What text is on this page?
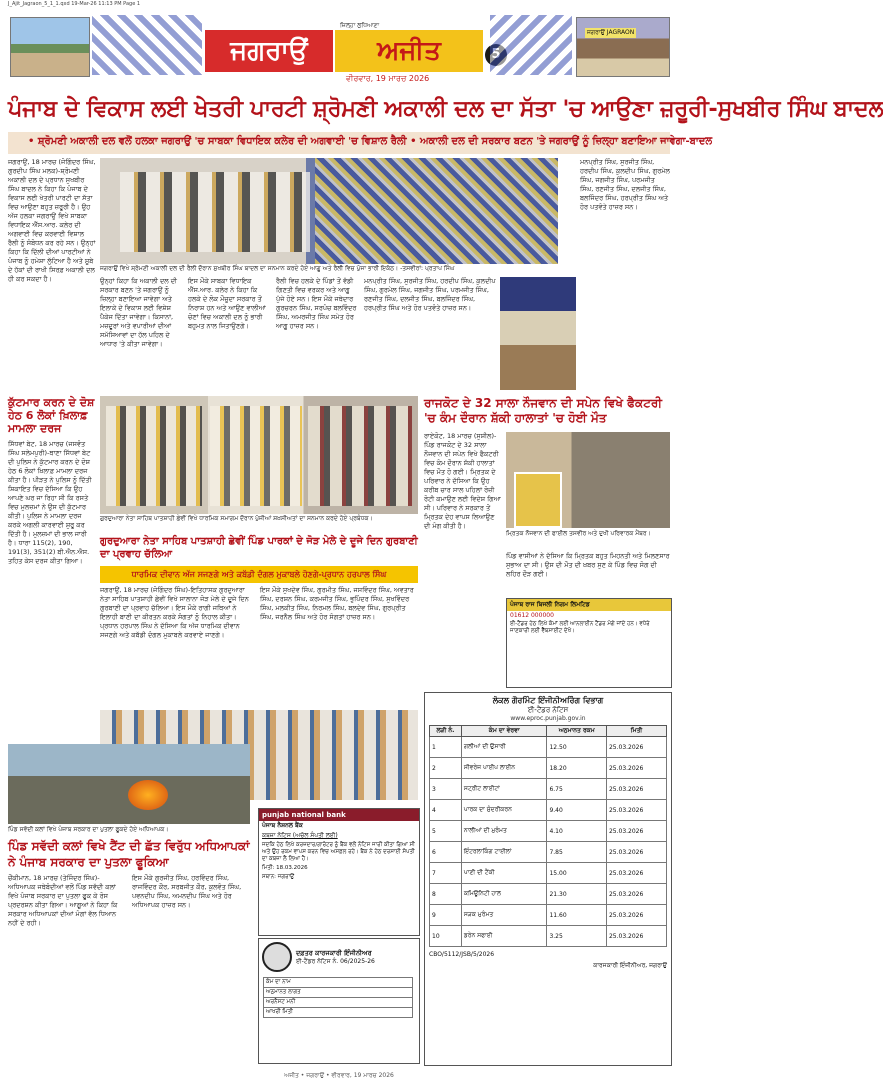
J_Ajit_Jagraon_5_1_1.qxd 19-Mar-26 11:13 PM Page 1
ਜਗਰਾਉਂ	ਅਜੀਤ
ਜ਼ਿਲ੍ਹਾ ਲੁਧਿਆਣਾ
ਵੀਰਵਾਰ, 19 ਮਾਰਚ 2026
ਜਗਰਾਉਂ JAGRAON
ਪੰਜਾਬ ਦੇ ਵਿਕਾਸ ਲਈ ਖੇਤਰੀ ਪਾਰਟੀ ਸ਼੍ਰੋਮਣੀ ਅਕਾਲੀ ਦਲ ਦਾ ਸੱਤਾ 'ਚ ਆਉਣਾ ਜ਼ਰੂਰੀ-ਸੁਖਬੀਰ ਸਿੰਘ ਬਾਦਲ
• ਸ਼੍ਰੋਮਣੀ ਅਕਾਲੀ ਦਲ ਵਲੋਂ ਹਲਕਾ ਜਗਰਾਉਂ 'ਚ ਸਾਬਕਾ ਵਿਧਾਇਕ ਕਲੇਰ ਦੀ ਅਗਵਾਈ 'ਚ ਵਿਸ਼ਾਲ ਰੈਲੀ • ਅਕਾਲੀ ਦਲ ਦੀ ਸਰਕਾਰ ਬਣਨ 'ਤੇ ਜਗਰਾਉਂ ਨੂੰ ਜ਼ਿਲ੍ਹਾ ਬਣਾਇਆ ਜਾਵੇਗਾ-ਬਾਦਲ

ਜਗਰਾਉਂ, 18 ਮਾਰਚ (ਜੋਗਿੰਦਰ ਸਿੰਘ, ਗੁਰਦੀਪ ਸਿੰਘ ਮਲਕ)-ਸ਼੍ਰੋਮਣੀ ਅਕਾਲੀ ਦਲ ਦੇ ਪ੍ਰਧਾਨ ਸੁਖਬੀਰ ਸਿੰਘ ਬਾਦਲ ਨੇ ਕਿਹਾ ਕਿ ਪੰਜਾਬ ਦੇ ਵਿਕਾਸ ਲਈ ਖੇਤਰੀ ਪਾਰਟੀ ਦਾ ਸੱਤਾ ਵਿਚ ਆਉਣਾ ਬਹੁਤ ਜ਼ਰੂਰੀ ਹੈ। ਉਹ ਅੱਜ ਹਲਕਾ ਜਗਰਾਉਂ ਵਿਖੇ ਸਾਬਕਾ ਵਿਧਾਇਕ ਐੱਸ.ਆਰ. ਕਲੇਰ ਦੀ ਅਗਵਾਈ ਵਿਚ ਕਰਵਾਈ ਵਿਸ਼ਾਲ ਰੈਲੀ ਨੂੰ ਸੰਬੋਧਨ ਕਰ ਰਹੇ ਸਨ। ਉਨ੍ਹਾਂ ਕਿਹਾ ਕਿ ਦਿੱਲੀ ਦੀਆਂ ਪਾਰਟੀਆਂ ਨੇ ਪੰਜਾਬ ਨੂੰ ਹਮੇਸ਼ਾ ਲੁੱਟਿਆ ਹੈ ਅਤੇ ਸੂਬੇ ਦੇ ਹੱਕਾਂ ਦੀ ਰਾਖੀ ਸਿਰਫ਼ ਅਕਾਲੀ ਦਲ ਹੀ ਕਰ ਸਕਦਾ ਹੈ।

ਜਗਰਾਉਂ ਵਿਖੇ ਸ਼੍ਰੋਮਣੀ ਅਕਾਲੀ ਦਲ ਦੀ ਰੈਲੀ ਦੌਰਾਨ ਸੁਖਬੀਰ ਸਿੰਘ ਬਾਦਲ ਦਾ ਸਨਮਾਨ ਕਰਦੇ ਹੋਏ ਆਗੂ ਅਤੇ ਰੈਲੀ ਵਿਚ ਪੁੱਜਾ ਭਾਰੀ ਇਕੱਠ। -ਤਸਵੀਰਾਂ: ਪ੍ਰਤਾਪ ਸਿੰਘ

ਉਨ੍ਹਾਂ ਕਿਹਾ ਕਿ ਅਕਾਲੀ ਦਲ ਦੀ ਸਰਕਾਰ ਬਣਨ 'ਤੇ ਜਗਰਾਉਂ ਨੂੰ ਜ਼ਿਲ੍ਹਾ ਬਣਾਇਆ ਜਾਵੇਗਾ ਅਤੇ ਇਲਾਕੇ ਦੇ ਵਿਕਾਸ ਲਈ ਵਿਸ਼ੇਸ਼ ਪੈਕੇਜ ਦਿੱਤਾ ਜਾਵੇਗਾ। ਕਿਸਾਨਾਂ, ਮਜ਼ਦੂਰਾਂ ਅਤੇ ਵਪਾਰੀਆਂ ਦੀਆਂ ਸਮੱਸਿਆਵਾਂ ਦਾ ਹੱਲ ਪਹਿਲ ਦੇ ਆਧਾਰ 'ਤੇ ਕੀਤਾ ਜਾਵੇਗਾ।

ਇਸ ਮੌਕੇ ਸਾਬਕਾ ਵਿਧਾਇਕ ਐੱਸ.ਆਰ. ਕਲੇਰ ਨੇ ਕਿਹਾ ਕਿ ਹਲਕੇ ਦੇ ਲੋਕ ਮੌਜੂਦਾ ਸਰਕਾਰ ਤੋਂ ਨਿਰਾਸ਼ ਹਨ ਅਤੇ ਆਉਣ ਵਾਲੀਆਂ ਚੋਣਾਂ ਵਿਚ ਅਕਾਲੀ ਦਲ ਨੂੰ ਭਾਰੀ ਬਹੁਮਤ ਨਾਲ ਜਿਤਾਉਣਗੇ।

ਰੈਲੀ ਵਿਚ ਹਲਕੇ ਦੇ ਪਿੰਡਾਂ ਤੋਂ ਵੱਡੀ ਗਿਣਤੀ ਵਿਚ ਵਰਕਰ ਅਤੇ ਆਗੂ ਪੁੱਜੇ ਹੋਏ ਸਨ। ਇਸ ਮੌਕੇ ਜਥੇਦਾਰ ਗੁਰਚਰਨ ਸਿੰਘ, ਸਰਪੰਚ ਬਲਵਿੰਦਰ ਸਿੰਘ, ਅਮਰਜੀਤ ਸਿੰਘ ਸਮੇਤ ਹੋਰ ਆਗੂ ਹਾਜ਼ਰ ਸਨ।

ਮਨਪ੍ਰੀਤ ਸਿੰਘ, ਸੁਰਜੀਤ ਸਿੰਘ, ਹਰਦੀਪ ਸਿੰਘ, ਕੁਲਦੀਪ ਸਿੰਘ, ਗੁਰਮੇਲ ਸਿੰਘ, ਜਗਜੀਤ ਸਿੰਘ, ਪਰਮਜੀਤ ਸਿੰਘ, ਰਣਜੀਤ ਸਿੰਘ, ਦਲਜੀਤ ਸਿੰਘ, ਬਲਜਿੰਦਰ ਸਿੰਘ, ਹਰਪ੍ਰੀਤ ਸਿੰਘ ਅਤੇ ਹੋਰ ਪਤਵੰਤੇ ਹਾਜ਼ਰ ਸਨ।

ਮਨਪ੍ਰੀਤ ਸਿੰਘ, ਸੁਰਜੀਤ ਸਿੰਘ, ਹਰਦੀਪ ਸਿੰਘ, ਕੁਲਦੀਪ ਸਿੰਘ, ਗੁਰਮੇਲ ਸਿੰਘ, ਜਗਜੀਤ ਸਿੰਘ, ਪਰਮਜੀਤ ਸਿੰਘ, ਰਣਜੀਤ ਸਿੰਘ, ਦਲਜੀਤ ਸਿੰਘ, ਬਲਜਿੰਦਰ ਸਿੰਘ, ਹਰਪ੍ਰੀਤ ਸਿੰਘ ਅਤੇ ਹੋਰ ਪਤਵੰਤੇ ਹਾਜ਼ਰ ਸਨ।

ਕੁੱਟਮਾਰ ਕਰਨ ਦੇ ਦੋਸ਼ ਹੇਠ 6 ਲੋਕਾਂ ਖ਼ਿਲਾਫ਼ ਮਾਮਲਾ ਦਰਜ

ਸਿੱਧਵਾਂ ਬੇਟ, 18 ਮਾਰਚ (ਜਸਵੰਤ ਸਿੰਘ ਸਲੇਮਪੁਰੀ)-ਥਾਣਾ ਸਿੱਧਵਾਂ ਬੇਟ ਦੀ ਪੁਲਿਸ ਨੇ ਕੁੱਟਮਾਰ ਕਰਨ ਦੇ ਦੋਸ਼ ਹੇਠ 6 ਲੋਕਾਂ ਖ਼ਿਲਾਫ਼ ਮਾਮਲਾ ਦਰਜ ਕੀਤਾ ਹੈ। ਪੀੜਤ ਨੇ ਪੁਲਿਸ ਨੂੰ ਦਿੱਤੀ ਸ਼ਿਕਾਇਤ ਵਿਚ ਦੱਸਿਆ ਕਿ ਉਹ ਆਪਣੇ ਘਰ ਜਾ ਰਿਹਾ ਸੀ ਕਿ ਰਸਤੇ ਵਿਚ ਮੁਲਜ਼ਮਾਂ ਨੇ ਉਸ ਦੀ ਕੁੱਟਮਾਰ ਕੀਤੀ। ਪੁਲਿਸ ਨੇ ਮਾਮਲਾ ਦਰਜ ਕਰਕੇ ਅਗਲੀ ਕਾਰਵਾਈ ਸ਼ੁਰੂ ਕਰ ਦਿੱਤੀ ਹੈ। ਮੁਲਜ਼ਮਾਂ ਦੀ ਭਾਲ ਜਾਰੀ ਹੈ। ਧਾਰਾ 115(2), 190, 191(3), 351(2) ਬੀ.ਐਨ.ਐਸ. ਤਹਿਤ ਕੇਸ ਦਰਜ ਕੀਤਾ ਗਿਆ।

ਗੁਰਦੁਆਰਾ ਨੇਤਾ ਸਾਹਿਬ ਪਾਤਸ਼ਾਹੀ ਛੇਵੀਂ ਵਿਖੇ ਧਾਰਮਿਕ ਸਮਾਗਮ ਦੌਰਾਨ ਪੁੱਜੀਆਂ ਸ਼ਖ਼ਸੀਅਤਾਂ ਦਾ ਸਨਮਾਨ ਕਰਦੇ ਹੋਏ ਪ੍ਰਬੰਧਕ।
ਗੁਰਦੁਆਰਾ ਨੇਤਾ ਸਾਹਿਬ ਪਾਤਸ਼ਾਹੀ ਛੇਵੀਂ ਪਿੰਡ ਪਾਰਕਾਂ ਦੇ ਜੋੜ ਮੇਲੇ ਦੇ ਦੂਜੇ ਦਿਨ ਗੁਰਬਾਣੀ ਦਾ ਪ੍ਰਵਾਹ ਚੱਲਿਆ
ਧਾਰਮਿਕ ਦੀਵਾਨ ਅੱਜ ਸਜਣਗੇ ਅਤੇ ਕਬੱਡੀ ਦੰਗਲ ਮੁਕਾਬਲੇ ਹੋਣਗੇ-ਪ੍ਰਧਾਨ ਹਰਪਾਲ ਸਿੰਘ

ਜਗਰਾਉਂ, 18 ਮਾਰਚ (ਜੋਗਿੰਦਰ ਸਿੰਘ)-ਇਤਿਹਾਸਕ ਗੁਰਦੁਆਰਾ ਨੇਤਾ ਸਾਹਿਬ ਪਾਤਸ਼ਾਹੀ ਛੇਵੀਂ ਵਿਖੇ ਸਾਲਾਨਾ ਜੋੜ ਮੇਲੇ ਦੇ ਦੂਜੇ ਦਿਨ ਗੁਰਬਾਣੀ ਦਾ ਪ੍ਰਵਾਹ ਚੱਲਿਆ। ਇਸ ਮੌਕੇ ਰਾਗੀ ਜਥਿਆਂ ਨੇ ਇਲਾਹੀ ਬਾਣੀ ਦਾ ਕੀਰਤਨ ਕਰਕੇ ਸੰਗਤਾਂ ਨੂੰ ਨਿਹਾਲ ਕੀਤਾ। ਪ੍ਰਧਾਨ ਹਰਪਾਲ ਸਿੰਘ ਨੇ ਦੱਸਿਆ ਕਿ ਅੱਜ ਧਾਰਮਿਕ ਦੀਵਾਨ ਸਜਣਗੇ ਅਤੇ ਕਬੱਡੀ ਦੰਗਲ ਮੁਕਾਬਲੇ ਕਰਵਾਏ ਜਾਣਗੇ।

ਇਸ ਮੌਕੇ ਸੁਖਦੇਵ ਸਿੰਘ, ਗੁਰਮੀਤ ਸਿੰਘ, ਜਸਵਿੰਦਰ ਸਿੰਘ, ਅਵਤਾਰ ਸਿੰਘ, ਦਰਸ਼ਨ ਸਿੰਘ, ਕਰਮਜੀਤ ਸਿੰਘ, ਭੁਪਿੰਦਰ ਸਿੰਘ, ਸੁਖਵਿੰਦਰ ਸਿੰਘ, ਮਲਕੀਤ ਸਿੰਘ, ਨਿਰਮਲ ਸਿੰਘ, ਬਲਦੇਵ ਸਿੰਘ, ਗੁਰਪ੍ਰੀਤ ਸਿੰਘ, ਜਰਨੈਲ ਸਿੰਘ ਅਤੇ ਹੋਰ ਸੰਗਤਾਂ ਹਾਜ਼ਰ ਸਨ।

ਰਾਜਕੋਟ ਦੇ 32 ਸਾਲਾ ਨੌਜਵਾਨ ਦੀ ਸਪੇਨ ਵਿਖੇ ਫੈਕਟਰੀ 'ਚ ਕੰਮ ਦੌਰਾਨ ਸ਼ੱਕੀ ਹਾਲਾਤਾਂ 'ਚ ਹੋਈ ਮੌਤ

ਰਾਏਕੋਟ, 18 ਮਾਰਚ (ਸੁਸ਼ੀਲ)-ਪਿੰਡ ਰਾਜਕੋਟ ਦੇ 32 ਸਾਲਾ ਨੌਜਵਾਨ ਦੀ ਸਪੇਨ ਵਿਖੇ ਫੈਕਟਰੀ ਵਿਚ ਕੰਮ ਦੌਰਾਨ ਸ਼ੱਕੀ ਹਾਲਾਤਾਂ ਵਿਚ ਮੌਤ ਹੋ ਗਈ। ਮ੍ਰਿਤਕ ਦੇ ਪਰਿਵਾਰ ਨੇ ਦੱਸਿਆ ਕਿ ਉਹ ਕਰੀਬ ਚਾਰ ਸਾਲ ਪਹਿਲਾਂ ਰੋਜ਼ੀ ਰੋਟੀ ਕਮਾਉਣ ਲਈ ਵਿਦੇਸ਼ ਗਿਆ ਸੀ। ਪਰਿਵਾਰ ਨੇ ਸਰਕਾਰ ਤੋਂ ਮ੍ਰਿਤਕ ਦੇਹ ਵਾਪਸ ਲਿਆਉਣ ਦੀ ਮੰਗ ਕੀਤੀ ਹੈ।

ਮ੍ਰਿਤਕ ਨੌਜਵਾਨ ਦੀ ਫਾਈਲ ਤਸਵੀਰ ਅਤੇ ਦੁਖੀ ਪਰਿਵਾਰਕ ਮੈਂਬਰ।

ਪਿੰਡ ਵਾਸੀਆਂ ਨੇ ਦੱਸਿਆ ਕਿ ਮ੍ਰਿਤਕ ਬਹੁਤ ਮਿਹਨਤੀ ਅਤੇ ਮਿਲਣਸਾਰ ਸੁਭਾਅ ਦਾ ਸੀ। ਉਸ ਦੀ ਮੌਤ ਦੀ ਖ਼ਬਰ ਸੁਣ ਕੇ ਪਿੰਡ ਵਿਚ ਸੋਗ ਦੀ ਲਹਿਰ ਦੌੜ ਗਈ।

ਪੰਜਾਬ ਰਾਜ ਬਿਜਲੀ ਨਿਗਮ ਲਿਮਟਿਡ
01612 000000
ਈ-ਟੈਂਡਰ ਹੇਠ ਲਿਖੇ ਕੰਮਾਂ ਲਈ ਆਨਲਾਈਨ ਟੈਂਡਰ ਮੰਗੇ ਜਾਂਦੇ ਹਨ। ਵਧੇਰੇ ਜਾਣਕਾਰੀ ਲਈ ਵੈੱਬਸਾਈਟ ਦੇਖੋ।
ਪਿੰਡ ਸਵੱਦੀ ਕਲਾਂ ਵਿਖੇ ਪੰਜਾਬ ਸਰਕਾਰ ਦਾ ਪੁਤਲਾ ਫੂਕਦੇ ਹੋਏ ਅਧਿਆਪਕ।
ਪਿੰਡ ਸਵੱਦੀ ਕਲਾਂ ਵਿਖੇ ਟੈਂਟ ਦੀ ਛੱਤ ਵਿਰੁੱਧ ਅਧਿਆਪਕਾਂ ਨੇ ਪੰਜਾਬ ਸਰਕਾਰ ਦਾ ਪੁਤਲਾ ਫੂਕਿਆ

ਚੌਂਕੀਮਾਨ, 18 ਮਾਰਚ (ਤੇਜਿੰਦਰ ਸਿੰਘ)-ਅਧਿਆਪਕ ਜਥੇਬੰਦੀਆਂ ਵਲੋਂ ਪਿੰਡ ਸਵੱਦੀ ਕਲਾਂ ਵਿਖੇ ਪੰਜਾਬ ਸਰਕਾਰ ਦਾ ਪੁਤਲਾ ਫੂਕ ਕੇ ਰੋਸ ਪ੍ਰਦਰਸ਼ਨ ਕੀਤਾ ਗਿਆ। ਆਗੂਆਂ ਨੇ ਕਿਹਾ ਕਿ ਸਰਕਾਰ ਅਧਿਆਪਕਾਂ ਦੀਆਂ ਮੰਗਾਂ ਵੱਲ ਧਿਆਨ ਨਹੀਂ ਦੇ ਰਹੀ।

ਇਸ ਮੌਕੇ ਗੁਰਜੀਤ ਸਿੰਘ, ਹਰਵਿੰਦਰ ਸਿੰਘ, ਰਾਜਵਿੰਦਰ ਕੌਰ, ਸਰਬਜੀਤ ਕੌਰ, ਕੁਲਵੰਤ ਸਿੰਘ, ਪਵਨਦੀਪ ਸਿੰਘ, ਅਮਨਦੀਪ ਸਿੰਘ ਅਤੇ ਹੋਰ ਅਧਿਆਪਕ ਹਾਜ਼ਰ ਸਨ।

punjab national bank
ਪੰਜਾਬ ਨੈਸ਼ਨਲ ਬੈਂਕ
ਕਬਜ਼ਾ ਨੋਟਿਸ (ਅਚੱਲ ਸੰਪਤੀ ਲਈ)
ਜਦਕਿ ਹੇਠ ਲਿਖੇ ਕਰਜ਼ਦਾਰ/ਗਾਰੰਟਰ ਨੂੰ ਬੈਂਕ ਵਲੋਂ ਨੋਟਿਸ ਜਾਰੀ ਕੀਤਾ ਗਿਆ ਸੀ ਅਤੇ ਉਹ ਰਕਮ ਵਾਪਸ ਕਰਨ ਵਿਚ ਅਸਫ਼ਲ ਰਹੇ। ਬੈਂਕ ਨੇ ਹੇਠ ਦਰਸਾਈ ਸੰਪਤੀ ਦਾ ਕਬਜ਼ਾ ਲੈ ਲਿਆ ਹੈ।
ਮਿਤੀ: 18.03.2026
ਸਥਾਨ: ਜਗਰਾਉਂ
ਦਫ਼ਤਰ ਕਾਰਜਕਾਰੀ ਇੰਜੀਨੀਅਰ
ਈ-ਟੈਂਡਰ ਨੋਟਿਸ ਨੰ. 06/2025-26
ਕੰਮ ਦਾ ਨਾਮ
ਅਨੁਮਾਨਤ ਲਾਗਤ
ਅਰਨੈਸਟ ਮਨੀ
ਆਖਰੀ ਮਿਤੀ
ਲੋਕਲ ਗੌਰਮਿੰਟ ਇੰਜੀਨੀਅਰਿੰਗ ਵਿਭਾਗ
ਈ-ਟੈਂਡਰ ਨੋਟਿਸ
www.eproc.punjab.gov.in
ਲੜੀ ਨੰ.	ਕੰਮ ਦਾ ਵੇਰਵਾ	ਅਨੁਮਾਨਤ ਰਕਮ	ਮਿਤੀ
1	ਗਲੀਆਂ ਦੀ ਉਸਾਰੀ	12.50	25.03.2026
2	ਸੀਵਰੇਜ ਪਾਈਪ ਲਾਈਨ	18.20	25.03.2026
3	ਸਟ੍ਰੀਟ ਲਾਈਟਾਂ	6.75	25.03.2026
4	ਪਾਰਕ ਦਾ ਸੁੰਦਰੀਕਰਨ	9.40	25.03.2026
5	ਨਾਲੀਆਂ ਦੀ ਮੁਰੰਮਤ	4.10	25.03.2026
6	ਇੰਟਰਲਾਕਿੰਗ ਟਾਈਲਾਂ	7.85	25.03.2026
7	ਪਾਣੀ ਦੀ ਟੈਂਕੀ	15.00	25.03.2026
8	ਕਮਿਊਨਿਟੀ ਹਾਲ	21.30	25.03.2026
9	ਸੜਕ ਮੁਰੰਮਤ	11.60	25.03.2026
10	ਡਰੇਨ ਸਫਾਈ	3.25	25.03.2026
CBO/5112/JSB/5/2026
ਕਾਰਜਕਾਰੀ ਇੰਜੀਨੀਅਰ, ਜਗਰਾਉਂ
ਅਜੀਤ • ਜਗਰਾਉਂ • ਵੀਰਵਾਰ, 19 ਮਾਰਚ 2026
